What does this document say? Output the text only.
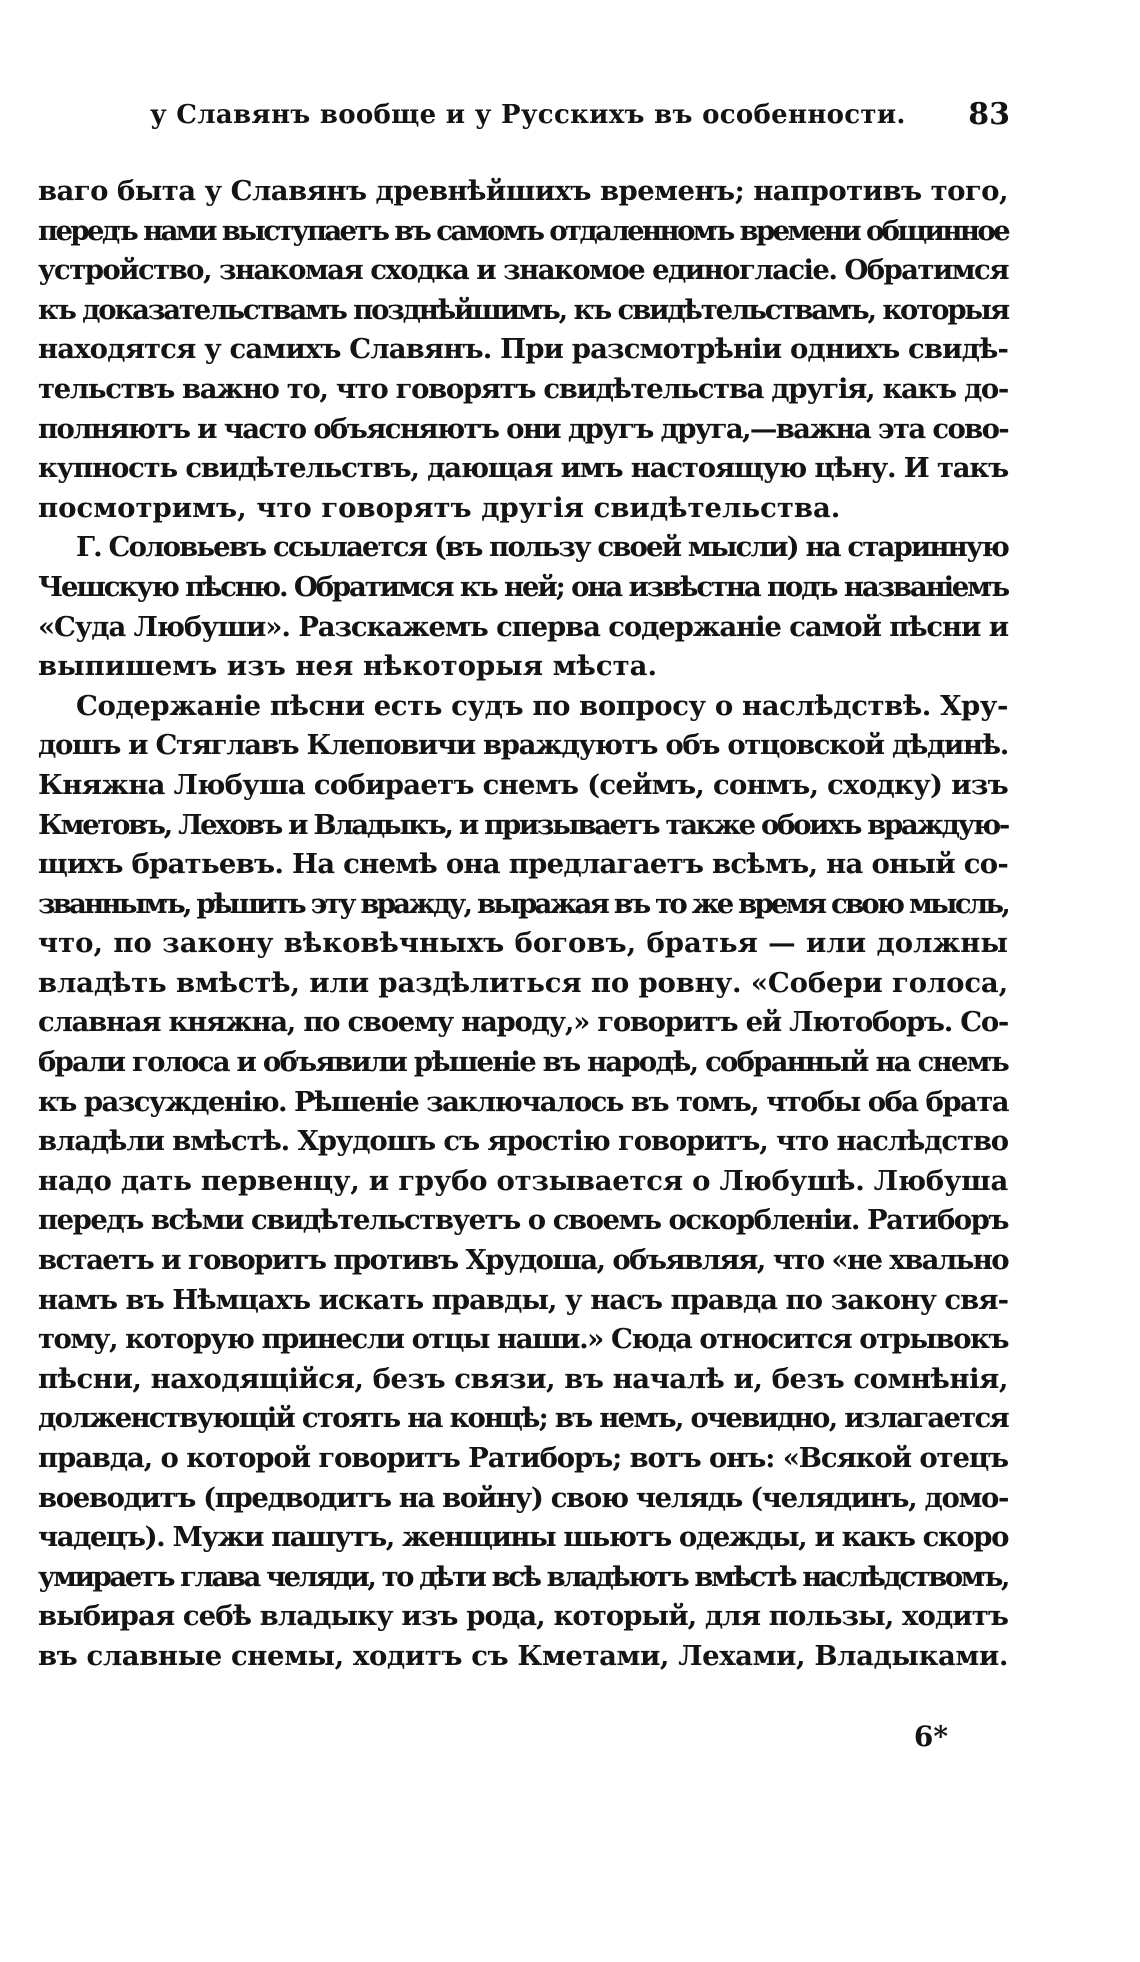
у Славянъ вообще и у Русскихъ въ особенности. 83
ваго быта у Славянъ древнѣйшихъ временъ; напротивъ того,
передъ нами выступаетъ въ самомъ отдаленномъ времени общинное
устройство, знакомая сходка и знакомое единогласіе. Обратимся
къ доказательствамъ позднѣйшимъ, къ свидѣтельствамъ, которыя
находятся у самихъ Славянъ. При разсмотрѣніи однихъ свидѣ-
тельствъ важно то, что говорятъ свидѣтельства другія, какъ до-
полняютъ и часто объясняютъ они другъ друга,—важна эта сово-
купность свидѣтельствъ, дающая имъ настоящую цѣну. И такъ
посмотримъ, что говорятъ другія свидѣтельства.
Г. Соловьевъ ссылается (въ пользу своей мысли) на старинную
Чешскую пѣсню. Обратимся къ ней; она извѣстна подъ названіемъ
«Суда Любуши». Разскажемъ сперва содержаніе самой пѣсни и
выпишемъ изъ нея нѣкоторыя мѣста.
Содержаніе пѣсни есть судъ по вопросу о наслѣдствѣ. Хру-
дошъ и Стяглавъ Клеповичи враждуютъ объ отцовской дѣдинѣ.
Княжна Любуша собираетъ снемъ (сеймъ, сонмъ, сходку) изъ
Кметовъ, Леховъ и Владыкъ, и призываетъ также обоихъ враждую-
щихъ братьевъ. На снемѣ она предлагаетъ всѣмъ, на оный со-
званнымъ, рѣшить эту вражду, выражая въ то же время свою мысль,
что, по закону вѣковѣчныхъ боговъ, братья — или должны
владѣть вмѣстѣ, или раздѣлиться по ровну. «Собери голоса,
славная княжна, по своему народу,» говоритъ ей Лютоборъ. Со-
брали голоса и объявили рѣшеніе въ народѣ, собранный на снемъ
къ разсужденію. Рѣшеніе заключалось въ томъ, чтобы оба брата
владѣли вмѣстѣ. Хрудошъ съ яростію говоритъ, что наслѣдство
надо дать первенцу, и грубо отзывается о Любушѣ. Любуша
передъ всѣми свидѣтельствуетъ о своемъ оскорбленіи. Ратиборъ
встаетъ и говоритъ противъ Хрудоша, объявляя, что «не хвально
намъ въ Нѣмцахъ искать правды, у насъ правда по закону свя-
тому, которую принесли отцы наши.» Сюда относится отрывокъ
пѣсни, находящійся, безъ связи, въ началѣ и, безъ сомнѣнія,
долженствующій стоять на концѣ; въ немъ, очевидно, излагается
правда, о которой говоритъ Ратиборъ; вотъ онъ: «Всякой отецъ
воеводитъ (предводитъ на войну) свою челядь (челядинъ, домо-
чадецъ). Мужи пашутъ, женщины шьютъ одежды, и какъ скоро
умираетъ глава челяди, то дѣти всѣ владѣютъ вмѣстѣ наслѣдствомъ,
выбирая себѣ владыку изъ рода, который, для пользы, ходитъ
въ славные снемы, ходитъ съ Кметами, Лехами, Владыками.
6*
